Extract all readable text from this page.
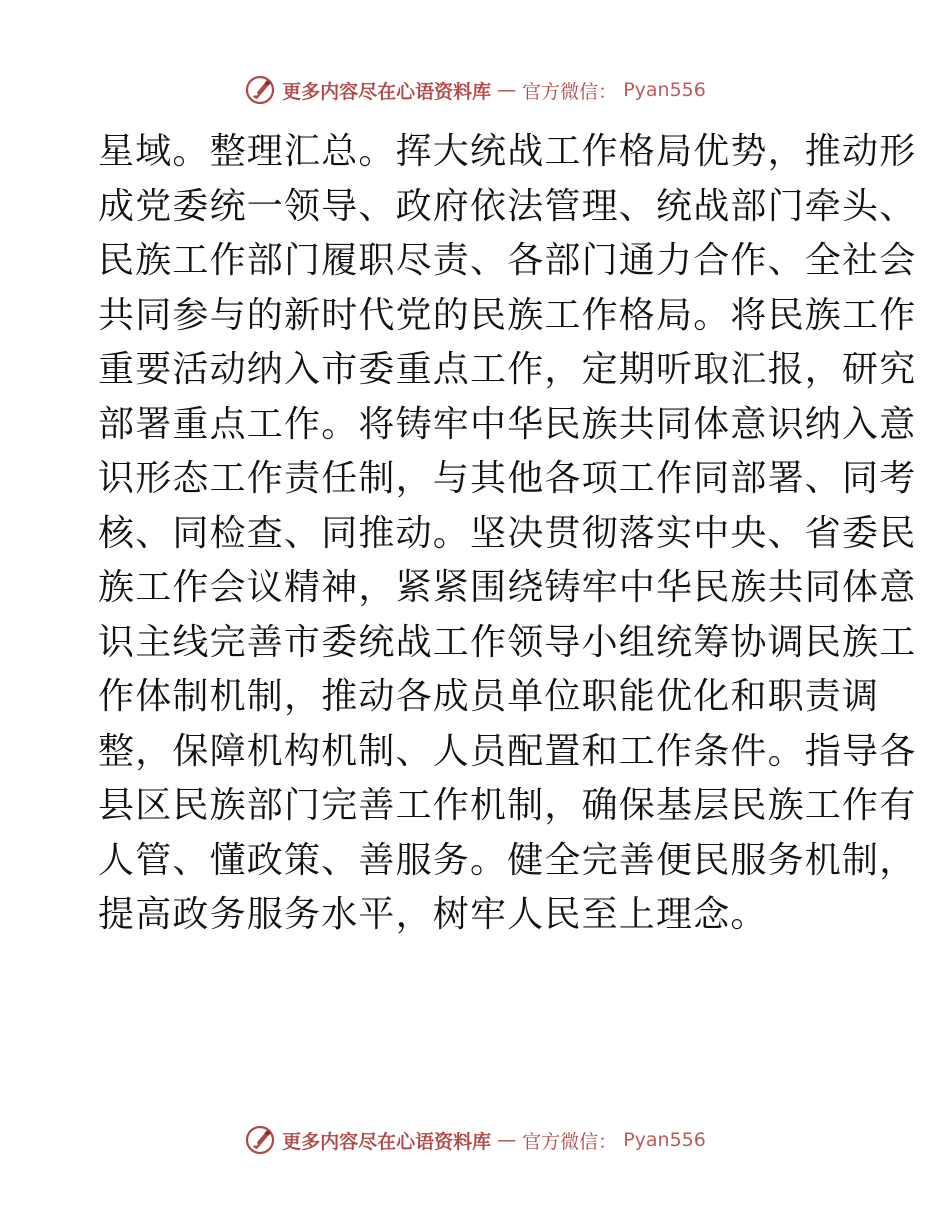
更多内容尽在心语资料库 — 官方微信： Pyan556
星域。整理汇总。挥大统战工作格局优势，推动形
成党委统一领导、政府依法管理、统战部门牵头、
民族工作部门履职尽责、各部门通力合作、全社会
共同参与的新时代党的民族工作格局。将民族工作
重要活动纳入市委重点工作，定期听取汇报，研究
部署重点工作。将铸牢中华民族共同体意识纳入意
识形态工作责任制，与其他各项工作同部署、同考
核、同检查、同推动。坚决贯彻落实中央、省委民
族工作会议精神，紧紧围绕铸牢中华民族共同体意
识主线完善市委统战工作领导小组统筹协调民族工
作体制机制，推动各成员单位职能优化和职责调
整，保障机构机制、人员配置和工作条件。指导各
县区民族部门完善工作机制，确保基层民族工作有
人管、懂政策、善服务。健全完善便民服务机制，
提高政务服务水平，树牢人民至上理念。
更多内容尽在心语资料库 — 官方微信： Pyan556
